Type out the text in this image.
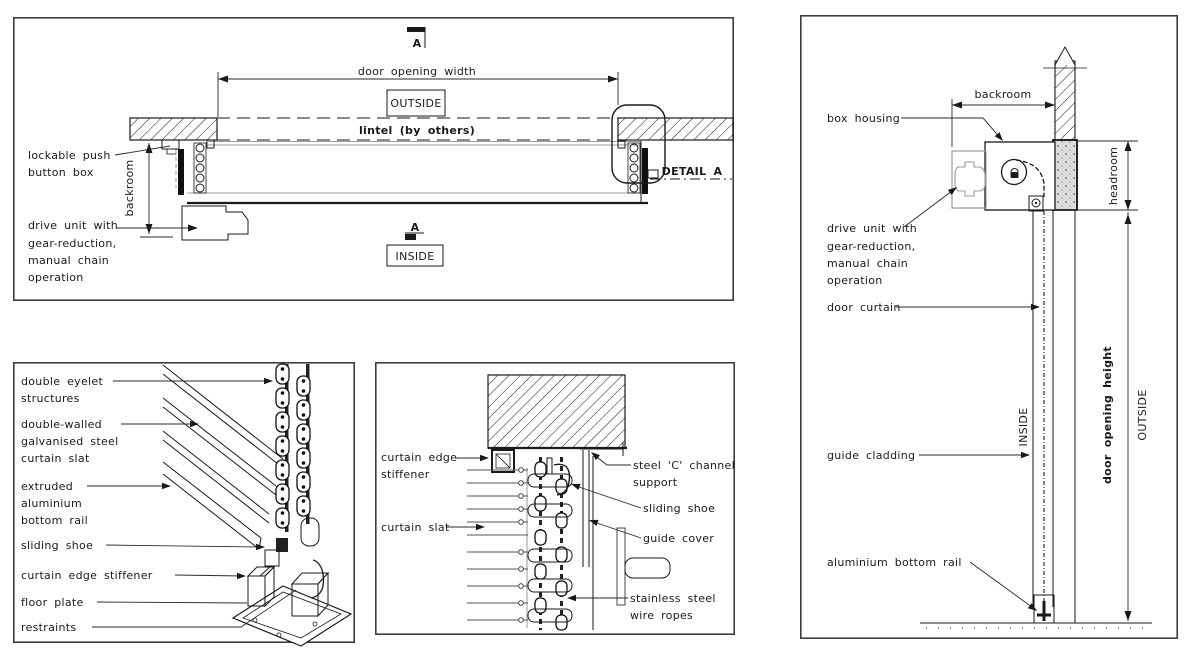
A
door opening width
OUTSIDE
lintel (by others)
DETAIL A
backroom
lockable push
button box
drive unit with
gear-reduction,
manual chain
operation
A
INSIDE
double eyelet
structures
double-walled
galvanised steel
curtain slat
extruded
aluminium
bottom rail
sliding shoe
curtain edge stiffener
floor plate
restraints
curtain edge
stiffener
curtain slat
steel 'C' channel
support
sliding shoe
guide cover
stainless steel
wire ropes
backroom
headroom
door opening height OUTSIDE
INSIDE
box housing
drive unit with
gear-reduction,
manual chain
operation
door curtain
guide cladding
aluminium bottom rail
